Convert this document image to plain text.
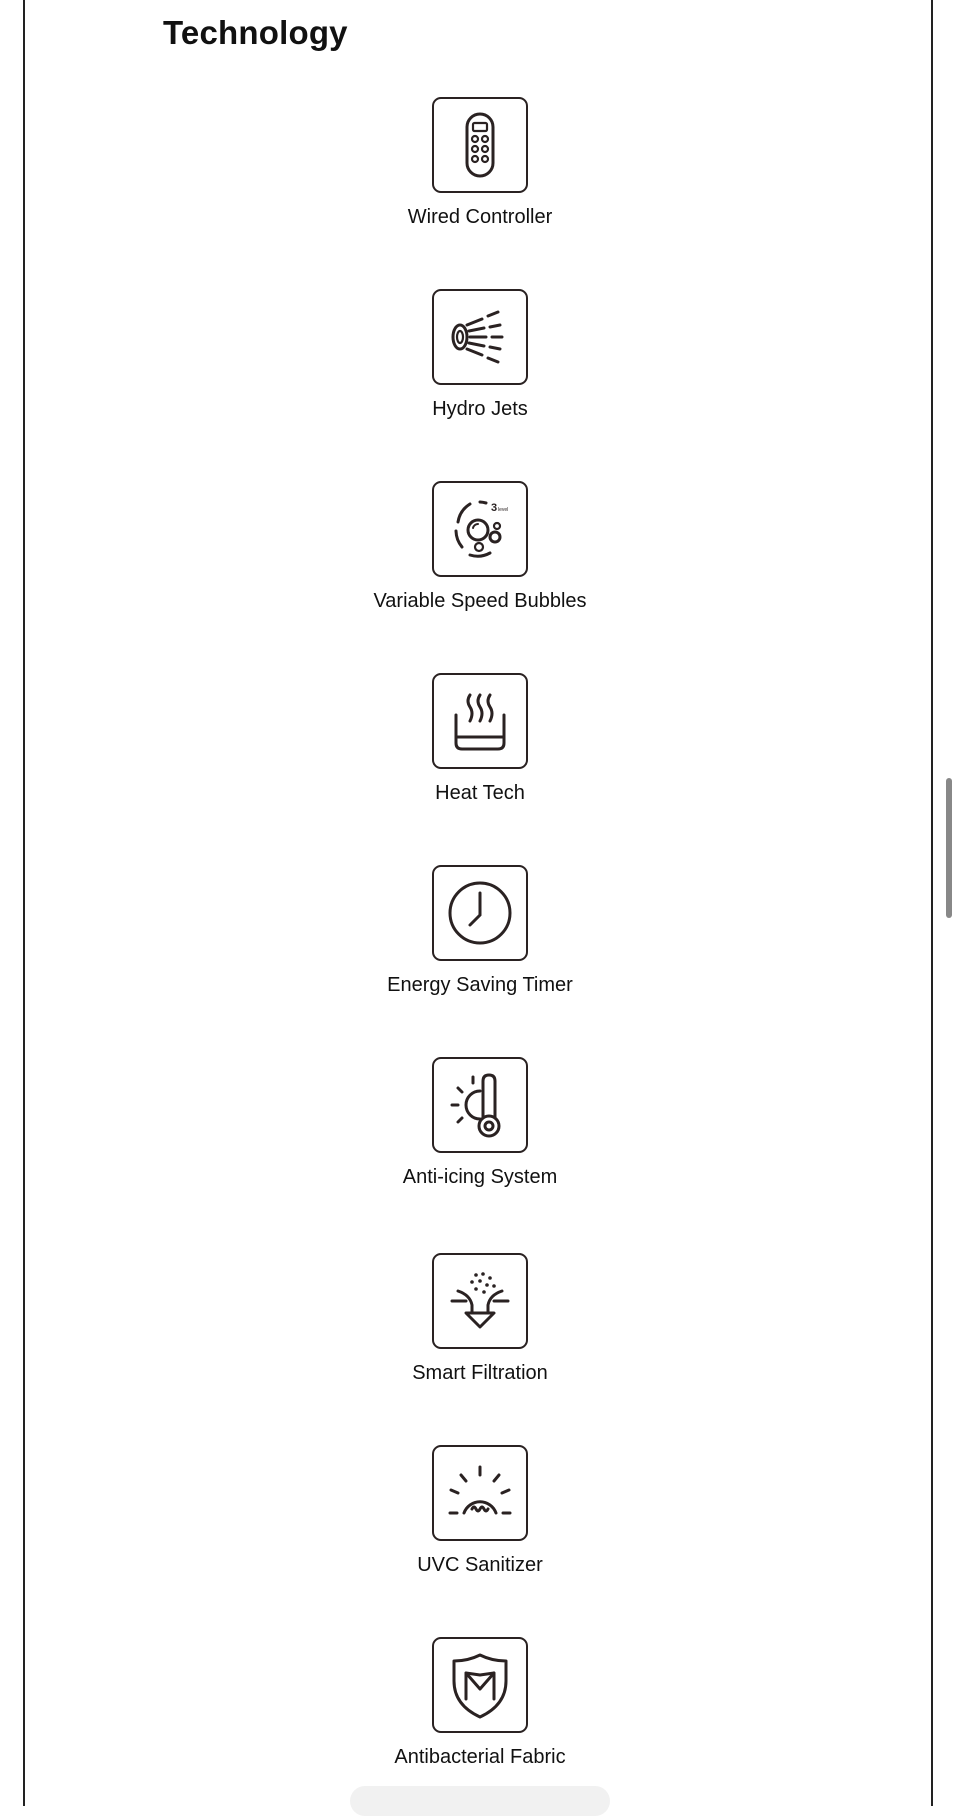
Technology
Wired Controller
Hydro Jets
3 level
Variable Speed Bubbles
Heat Tech
Energy Saving Timer
Anti-icing System
Smart Filtration
UVC Sanitizer
Antibacterial Fabric
